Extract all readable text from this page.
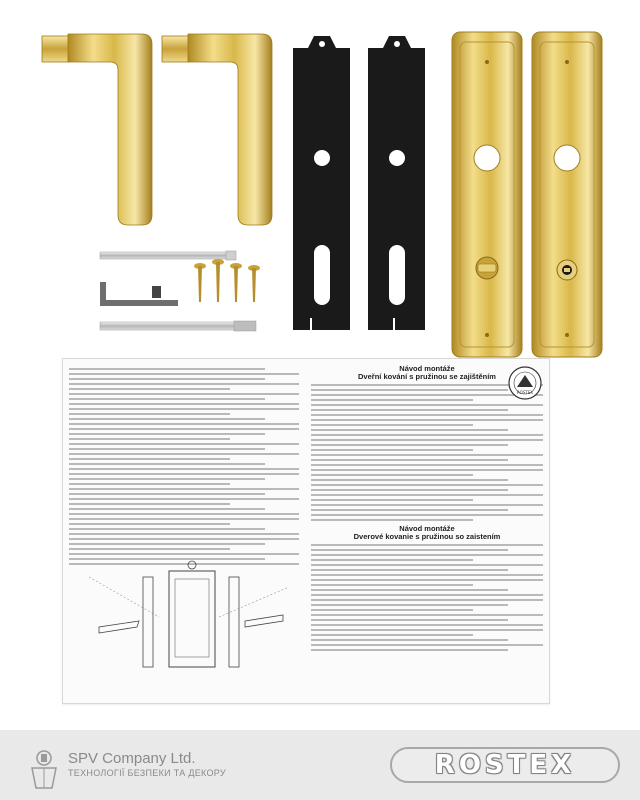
Návod montáže
Dveřní kování s pružinou se zajištěním
Návod montáže
Dverové kovanie s pružinou so zaistením
ROSTEX
SPV Company Ltd.
ТЕХНОЛОГІЇ БЕЗПЕКИ ТА ДЕКОРУ	ROSTEX
